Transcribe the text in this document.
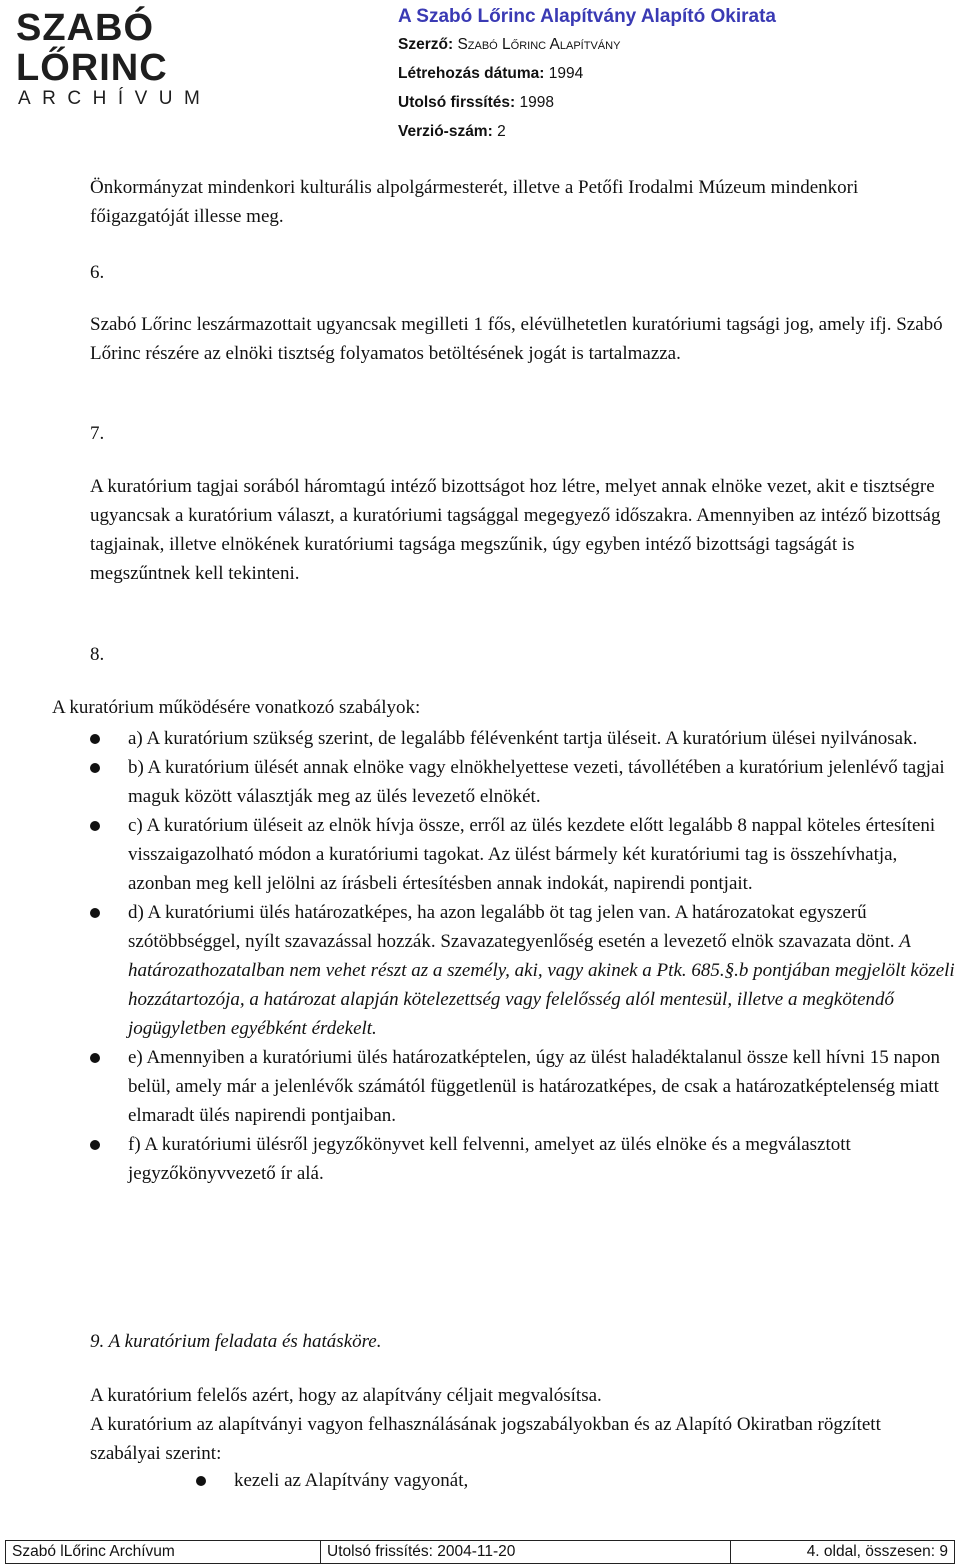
SZABÓ LŐRINC
ARCHÍVUM
A Szabó Lőrinc Alapítvány Alapító Okirata
Szerző: Szabó Lőrinc Alapítvány
Létrehozás dátuma: 1994
Utolsó firssítés: 1998
Verzió-szám: 2

Önkormányzat mindenkori kulturális alpolgármesterét, illetve a Petőfi Irodalmi Múzeum mindenkori főigazgatóját illesse meg.

6.

Szabó Lőrinc leszármazottait ugyancsak megilleti 1 fős, elévülhetetlen kuratóriumi tagsági jog, amely ifj. Szabó Lőrinc részére az elnöki tisztség folyamatos betöltésének jogát is tartalmazza.

7.

A kuratórium tagjai sorából háromtagú intéző bizottságot hoz létre, melyet annak elnöke vezet, akit e tisztségre ugyancsak a kuratórium választ, a kuratóriumi tagsággal megegyező időszakra. Amennyiben az intéző bizottság tagjainak, illetve elnökének kuratóriumi tagsága megszűnik, úgy egyben intéző bizottsági tagságát is megszűntnek kell tekinteni.

8.

A kuratórium működésére vonatkozó szabályok:

a) A kuratórium szükség szerint, de legalább félévenként tartja üléseit. A kuratórium ülései nyilvánosak.
b) A kuratórium ülését annak elnöke vagy elnökhelyettese vezeti, távollétében a kuratórium jelenlévő tagjai maguk között választják meg az ülés levezető elnökét.
c) A kuratórium üléseit az elnök hívja össze, erről az ülés kezdete előtt legalább 8 nappal köteles értesíteni visszaigazolható módon a kuratóriumi tagokat. Az ülést bármely két kuratóriumi tag is összehívhatja, azonban meg kell jelölni az írásbeli értesítésben annak indokát, napirendi pontjait.
d) A kuratóriumi ülés határozatképes, ha azon legalább öt tag jelen van. A határozatokat egyszerű szótöbbséggel, nyílt szavazással hozzák. Szavazategyenlőség esetén a levezető elnök szavazata dönt. A határozathozatalban nem vehet részt az a személy, aki, vagy akinek a Ptk. 685.§.b pontjában megjelölt közeli hozzátartozója, a határozat alapján kötelezettség vagy felelősség alól mentesül, illetve a megkötendő jogügyletben egyébként érdekelt.
e) Amennyiben a kuratóriumi ülés határozatképtelen, úgy az ülést haladéktalanul össze kell hívni 15 napon belül, amely már a jelenlévők számától függetlenül is határozatképes, de csak a határozatképtelenség miatt elmaradt ülés napirendi pontjaiban.
f) A kuratóriumi ülésről jegyzőkönyvet kell felvenni, amelyet az ülés elnöke és a megválasztott jegyzőkönyvvezető ír alá.

9. A kuratórium feladata és hatásköre.

A kuratórium felelős azért, hogy az alapítvány céljait megvalósítsa.

A kuratórium az alapítványi vagyon felhasználásának jogszabályokban és az Alapító Okiratban rögzített szabályai szerint:

kezeli az Alapítvány vagyonát,
Szabó lLőrinc Archívum	Utolsó frissítés: 2004-11-20	4. oldal, összesen: 9
